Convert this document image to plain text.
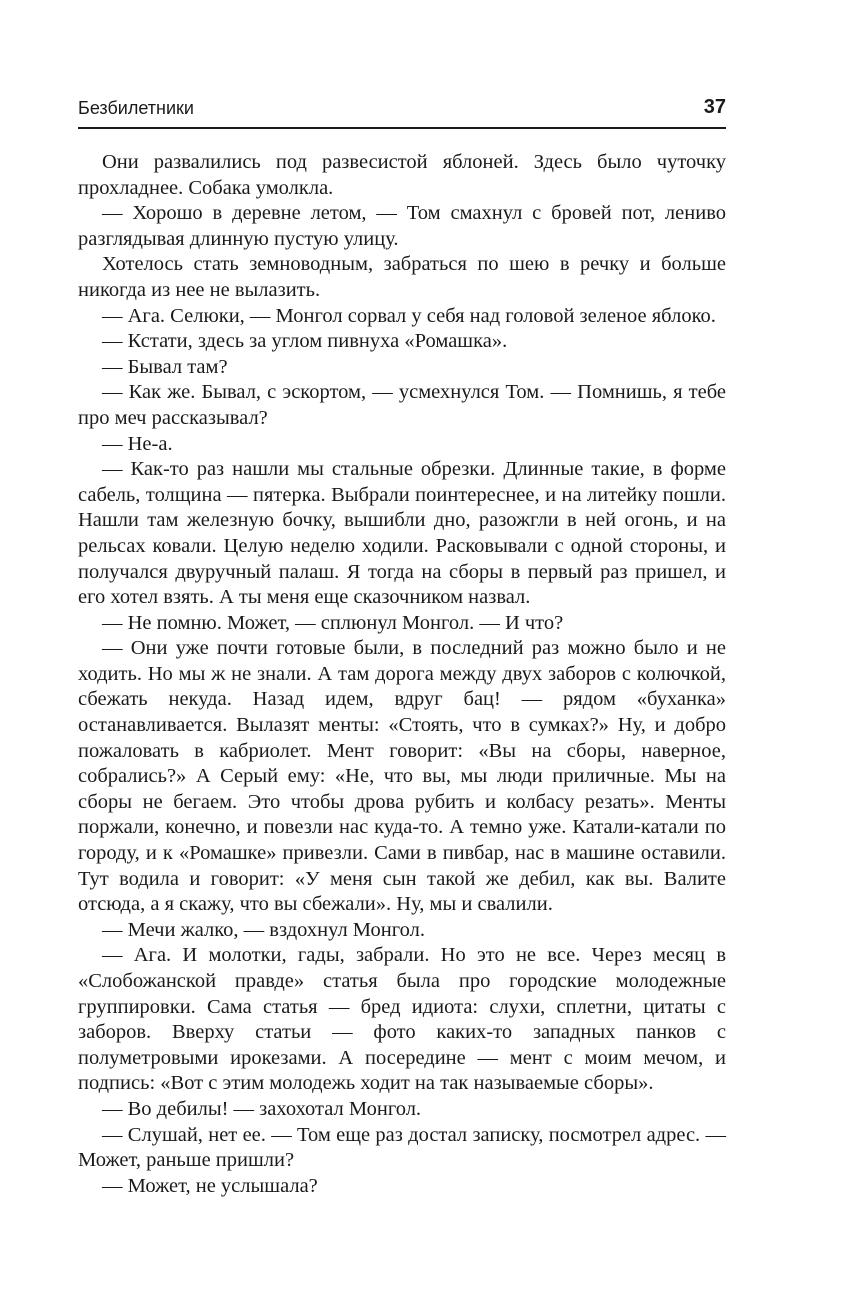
Безбилетники	37

Они развалились под развесистой яблоней. Здесь было чуточку прохладнее. Собака умолкла.

— Хорошо в деревне летом, — Том смахнул с бровей пот, лениво разглядывая длинную пустую улицу.

Хотелось стать земноводным, забраться по шею в речку и больше никогда из нее не вылазить.

— Ага. Селюки, — Монгол сорвал у себя над головой зеленое яблоко.

— Кстати, здесь за углом пивнуха «Ромашка».

— Бывал там?

— Как же. Бывал, с эскортом, — усмехнулся Том. — Помнишь, я тебе про меч рассказывал?

— Не-а.

— Как-то раз нашли мы стальные обрезки. Длинные такие, в форме сабель, толщина — пятерка. Выбрали поинтереснее, и на литейку пошли. Нашли там железную бочку, вышибли дно, разожгли в ней огонь, и на рельсах ковали. Целую неделю ходили. Расковывали с одной стороны, и получался двуручный палаш. Я тогда на сборы в первый раз пришел, и его хотел взять. А ты меня еще сказочником назвал.

— Не помню. Может, — сплюнул Монгол. — И что?

— Они уже почти готовые были, в последний раз можно было и не ходить. Но мы ж не знали. А там дорога между двух заборов с колючкой, сбежать некуда. Назад идем, вдруг бац! — рядом «буханка» останавливается. Вылазят менты: «Стоять, что в сумках?» Ну, и добро пожаловать в кабриолет. Мент говорит: «Вы на сборы, наверное, собрались?» А Серый ему: «Не, что вы, мы люди приличные. Мы на сборы не бегаем. Это чтобы дрова рубить и колбасу резать». Менты поржали, конечно, и повезли нас куда-то. А темно уже. Катали-катали по городу, и к «Ромашке» привезли. Сами в пивбар, нас в машине оставили. Тут водила и говорит: «У меня сын такой же дебил, как вы. Валите отсюда, а я скажу, что вы сбежали». Ну, мы и свалили.

— Мечи жалко, — вздохнул Монгол.

— Ага. И молотки, гады, забрали. Но это не все. Через месяц в «Слобожанской правде» статья была про городские молодежные группировки. Сама статья — бред идиота: слухи, сплетни, цитаты с заборов. Вверху статьи — фото каких-то западных панков с полуметровыми ирокезами. А посередине — мент с моим мечом, и подпись: «Вот с этим молодежь ходит на так называемые сборы».

— Во дебилы! — захохотал Монгол.

— Слушай, нет ее. — Том еще раз достал записку, посмотрел адрес. — Может, раньше пришли?

— Может, не услышала?
